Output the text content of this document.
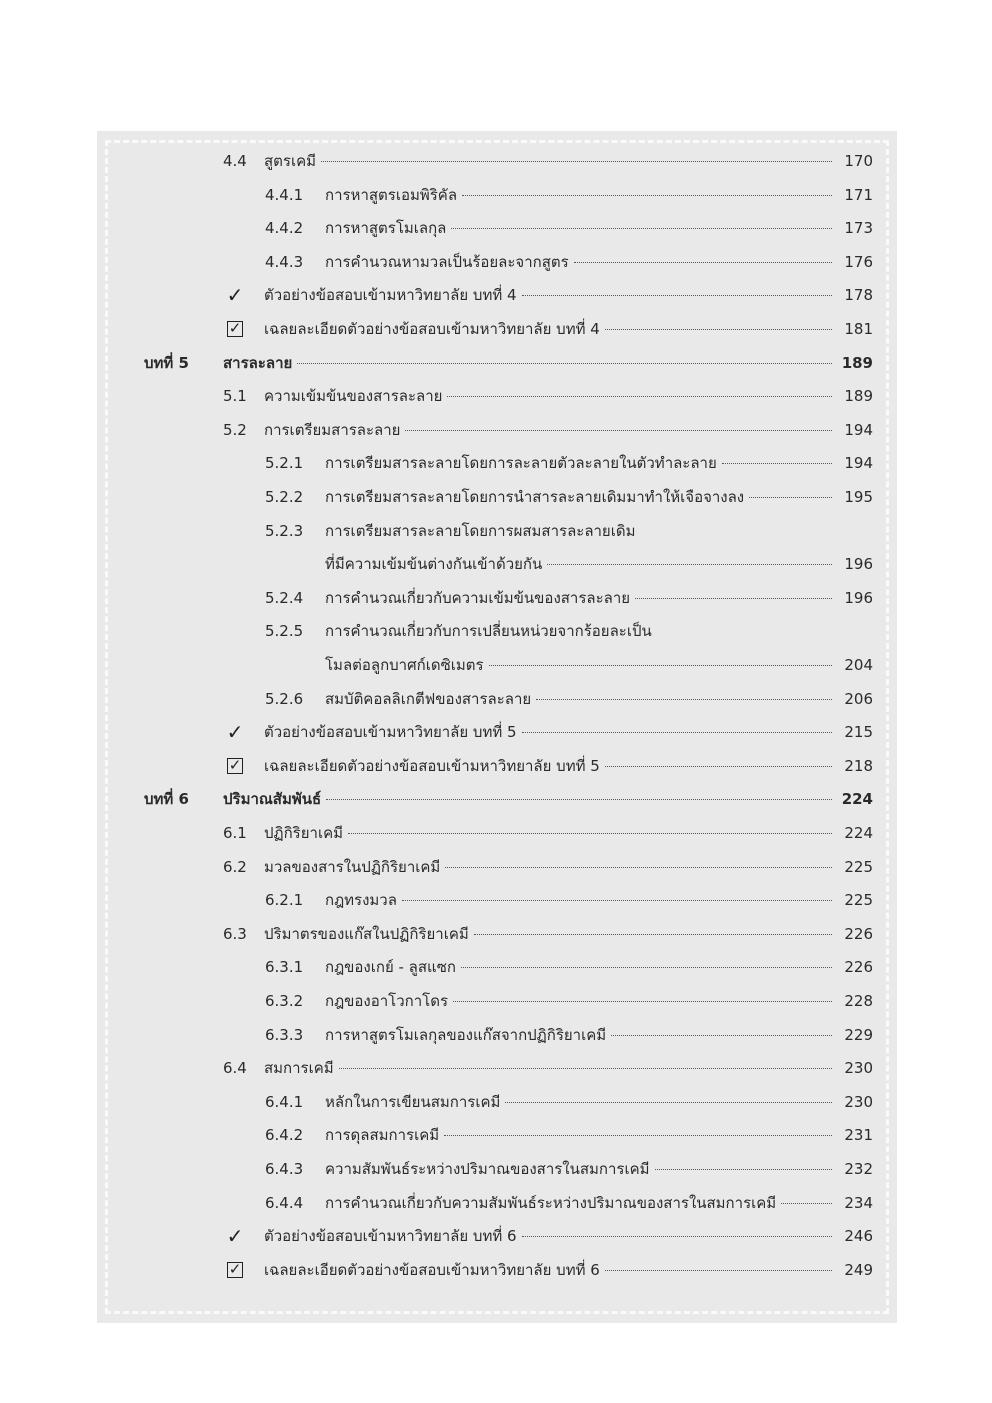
4.4 สูตรเคมี	170
4.4.1 การหาสูตรเอมพิริคัล	171
4.4.2 การหาสูตรโมเลกุล	173
4.4.3 การคำนวณหามวลเป็นร้อยละจากสูตร	176
✓ ตัวอย่างข้อสอบเข้ามหาวิทยาลัย บทที่ 4	178
✓ เฉลยละเอียดตัวอย่างข้อสอบเข้ามหาวิทยาลัย บทที่ 4	181
บทที่ 5 สารละลาย	189
5.1 ความเข้มข้นของสารละลาย	189
5.2 การเตรียมสารละลาย	194
5.2.1 การเตรียมสารละลายโดยการละลายตัวละลายในตัวทำละลาย	194
5.2.2 การเตรียมสารละลายโดยการนำสารละลายเดิมมาทำให้เจือจางลง	195
5.2.3 การเตรียมสารละลายโดยการผสมสารละลายเดิม
ที่มีความเข้มข้นต่างกันเข้าด้วยกัน	196
5.2.4 การคำนวณเกี่ยวกับความเข้มข้นของสารละลาย	196
5.2.5 การคำนวณเกี่ยวกับการเปลี่ยนหน่วยจากร้อยละเป็น
โมลต่อลูกบาศก์เดซิเมตร	204
5.2.6 สมบัติคอลลิเกตีฟของสารละลาย	206
✓ ตัวอย่างข้อสอบเข้ามหาวิทยาลัย บทที่ 5	215
✓ เฉลยละเอียดตัวอย่างข้อสอบเข้ามหาวิทยาลัย บทที่ 5	218
บทที่ 6 ปริมาณสัมพันธ์	224
6.1 ปฏิกิริยาเคมี	224
6.2 มวลของสารในปฏิกิริยาเคมี	225
6.2.1 กฎทรงมวล	225
6.3 ปริมาตรของแก๊สในปฏิกิริยาเคมี	226
6.3.1 กฎของเกย์ - ลูสแซก	226
6.3.2 กฎของอาโวกาโดร	228
6.3.3 การหาสูตรโมเลกุลของแก๊สจากปฏิกิริยาเคมี	229
6.4 สมการเคมี	230
6.4.1 หลักในการเขียนสมการเคมี	230
6.4.2 การดุลสมการเคมี	231
6.4.3 ความสัมพันธ์ระหว่างปริมาณของสารในสมการเคมี	232
6.4.4 การคำนวณเกี่ยวกับความสัมพันธ์ระหว่างปริมาณของสารในสมการเคมี	234
✓ ตัวอย่างข้อสอบเข้ามหาวิทยาลัย บทที่ 6	246
✓ เฉลยละเอียดตัวอย่างข้อสอบเข้ามหาวิทยาลัย บทที่ 6	249
